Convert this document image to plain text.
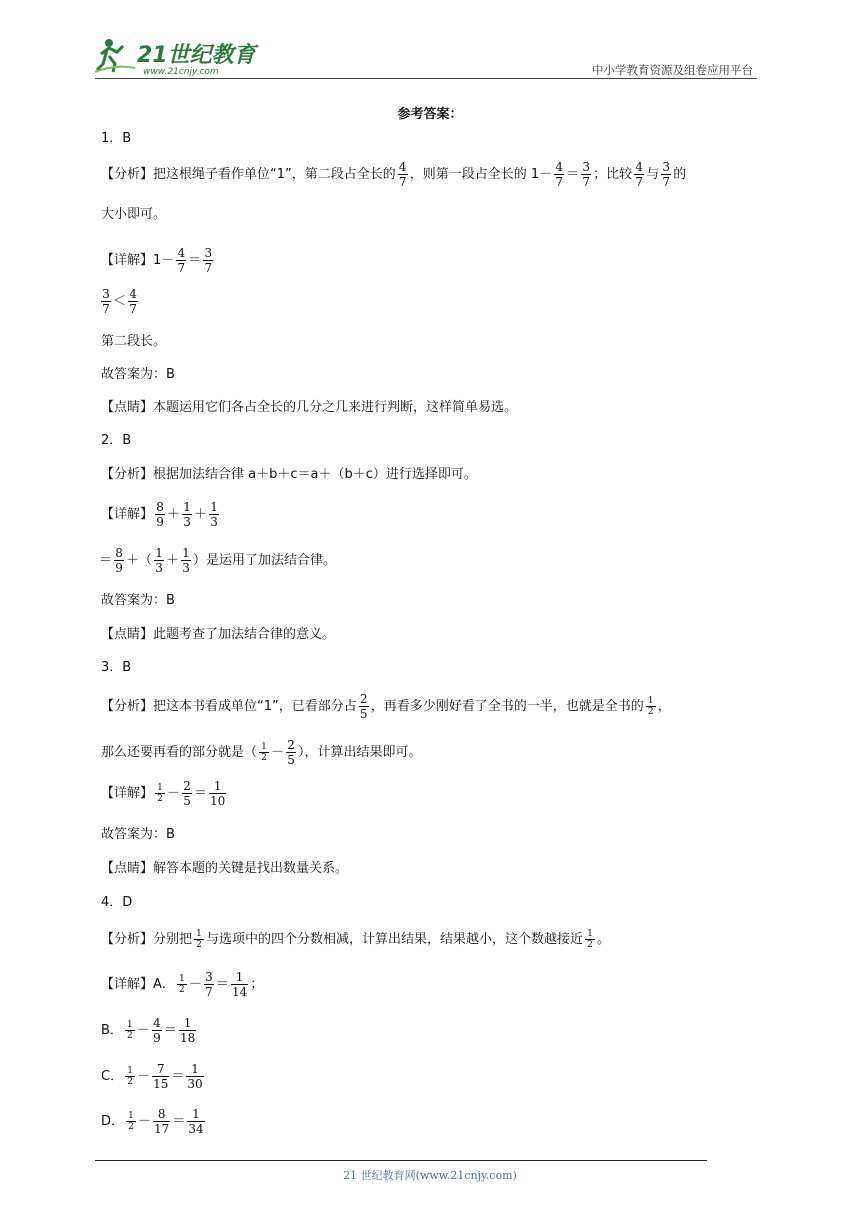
21世纪教育
www.21cnjy.com	中小学教育资源及组卷应用平台
参考答案：
1．B
【分析】把这根绳子看作单位“1”，第二段占全长的 $\frac{4}{7}$ ，则第一段占全长的 $1- \frac{4}{7} = \frac{3}{7}$ ；比较 $\frac{4}{7}$ 与 $\frac{3}{7}$ 的
大小即可。
【详解】$1- \frac{4}{7} = \frac{3}{7}$
$\frac{3}{7} < \frac{4}{7}$
第二段长。
故答案为：B
【点睛】本题运用它们各占全长的几分之几来进行判断，这样简单易选。
2．B
【分析】根据加法结合律 a＋b＋c＝a＋（b＋c）进行选择即可。
【详解】 $\frac{8}{9} + \frac{1}{3} + \frac{1}{3}$
＝ $\frac{8}{9}$ ＋（ $\frac{1}{3} + \frac{1}{3}$ ）是运用了加法结合律。
故答案为：B
【点睛】此题考查了加法结合律的意义。
3．B
【分析】把这本书看成单位“1”，已看部分占 $\frac{2}{5}$ ，再看多少刚好看了全书的一半，也就是全书的 $\frac{1}{2}$ ，
那么还要再看的部分就是（ $\frac{1}{2} - \frac{2}{5}$ ），计算出结果即可。
【详解】 $\frac{1}{2} - \frac{2}{5} = \frac{1}{10}$
故答案为：B
【点睛】解答本题的关键是找出数量关系。
4．D
【分析】分别把 $\frac{1}{2}$ 与选项中的四个分数相减，计算出结果，结果越小，这个数越接近 $\frac{1}{2}$ 。
【详解】A． $\frac{1}{2} - \frac{3}{7} = \frac{1}{14}$ ；
B． $\frac{1}{2} - \frac{4}{9} = \frac{1}{18}$
C． $\frac{1}{2} - \frac{7}{15} = \frac{1}{30}$
D． $\frac{1}{2} - \frac{8}{17} = \frac{1}{34}$
21 世纪教育网(www.21cnjy.com)
